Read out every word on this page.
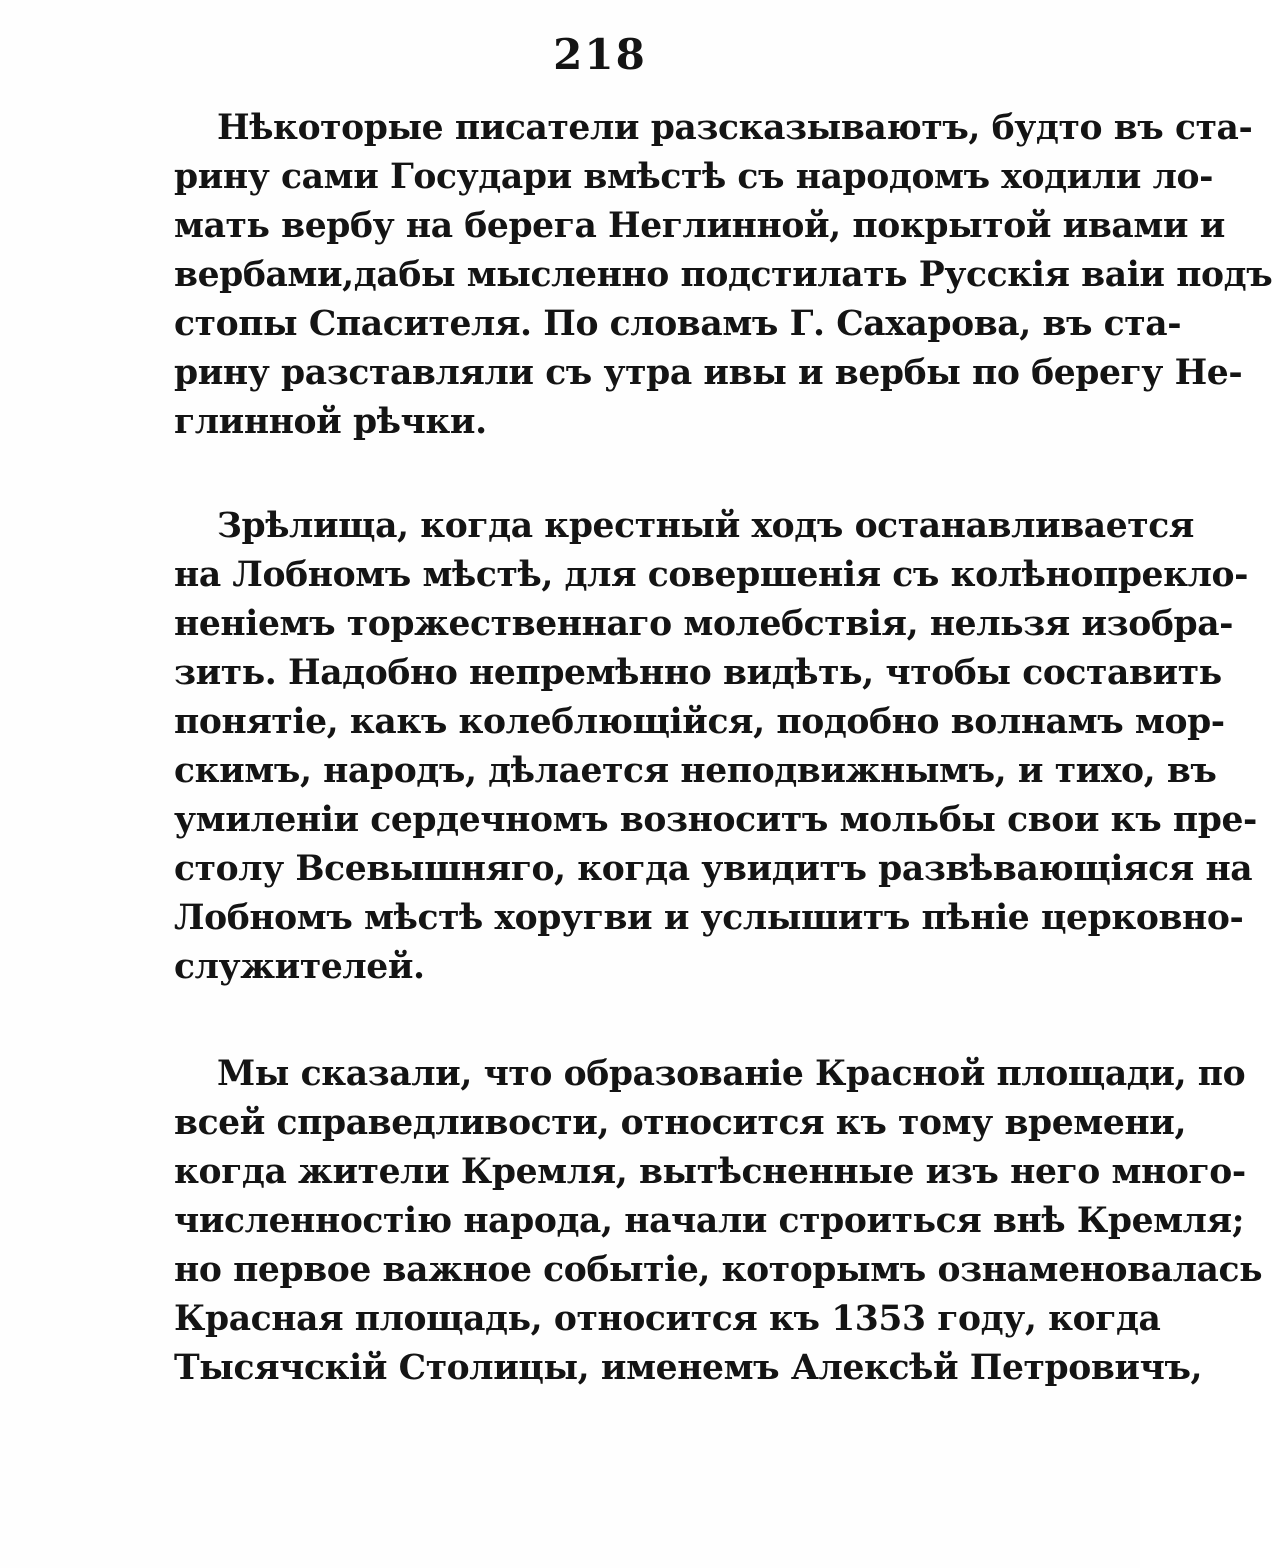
218
Нѣкоторые писатели разсказываютъ, будто въ ста-
рину сами Государи вмѣстѣ съ народомъ ходили ло-
мать вербу на берега Неглинной, покрытой ивами и
вербами,дабы мысленно подстилать Русскія ваіи подъ
стопы Спасителя. По словамъ Г. Сахарова, въ ста-
рину разставляли съ утра ивы и вербы по берегу Не-
глинной рѣчки.
Зрѣлища, когда крестный ходъ останавливается
на Лобномъ мѣстѣ, для совершенія съ колѣнопреклo-
неніемъ торжественнаго молебствія, нельзя изобра-
зить. Надобно непремѣнно видѣть, чтобы составить
понятіе, какъ колеблющійся, подобно волнамъ мор-
скимъ, народъ, дѣлается неподвижнымъ, и тихо, въ
умиленіи сердечномъ возноситъ мольбы свои къ пре-
столу Всевышняго, когда увидитъ развѣвающіяся на
Лобномъ мѣстѣ хоругви и услышитъ пѣніе церковно-
служителей.
Мы сказали, что образованіе Красной площади, по
всей справедливости, относится къ тому времени,
когда жители Кремля, вытѣсненные изъ него много-
численностію народа, начали строиться внѣ Кремля;
но первое важное событіе, которымъ ознаменовалась
Красная площадь, относится къ 1353 году, когда
Тысячскій Столицы, именемъ Алексѣй Петровичъ,
